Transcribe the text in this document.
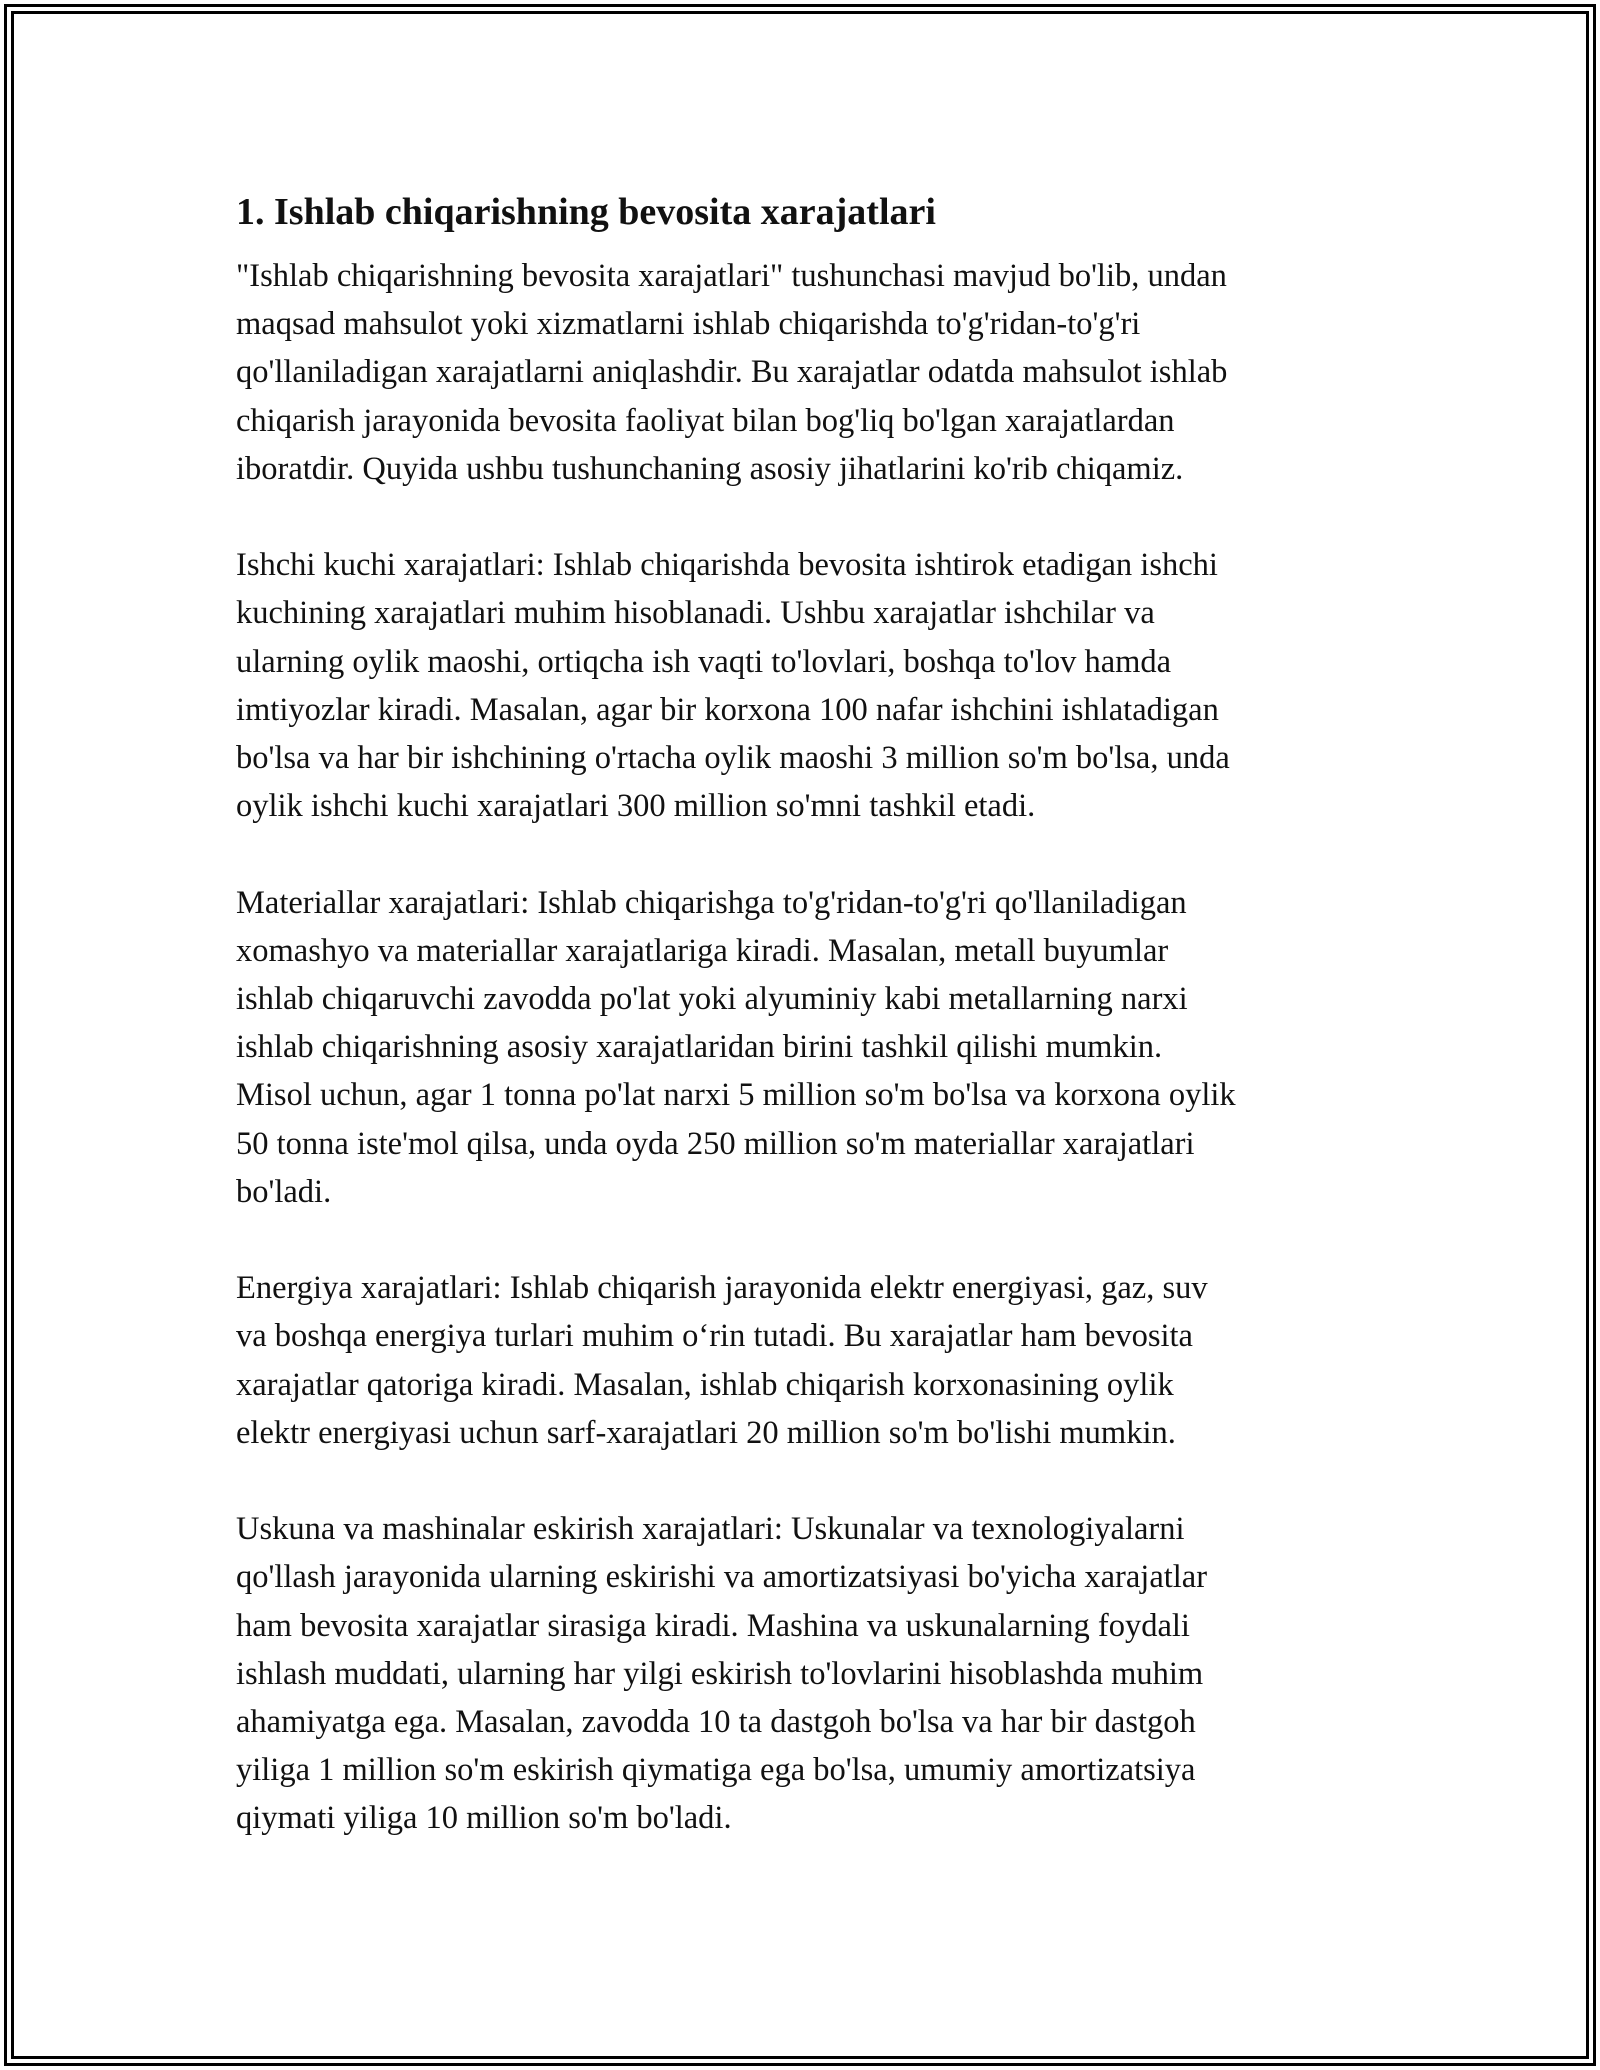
1. Ishlab chiqarishning bevosita xarajatlari

"Ishlab chiqarishning bevosita xarajatlari" tushunchasi mavjud bo'lib, undan
maqsad mahsulot yoki xizmatlarni ishlab chiqarishda to'g'ridan-to'g'ri
qo'llaniladigan xarajatlarni aniqlashdir. Bu xarajatlar odatda mahsulot ishlab
chiqarish jarayonida bevosita faoliyat bilan bog'liq bo'lgan xarajatlardan
iboratdir. Quyida ushbu tushunchaning asosiy jihatlarini ko'rib chiqamiz.

Ishchi kuchi xarajatlari: Ishlab chiqarishda bevosita ishtirok etadigan ishchi
kuchining xarajatlari muhim hisoblanadi. Ushbu xarajatlar ishchilar va
ularning oylik maoshi, ortiqcha ish vaqti to'lovlari, boshqa to'lov hamda
imtiyozlar kiradi. Masalan, agar bir korxona 100 nafar ishchini ishlatadigan
bo'lsa va har bir ishchining o'rtacha oylik maoshi 3 million so'm bo'lsa, unda
oylik ishchi kuchi xarajatlari 300 million so'mni tashkil etadi.

Materiallar xarajatlari: Ishlab chiqarishga to'g'ridan-to'g'ri qo'llaniladigan
xomashyo va materiallar xarajatlariga kiradi. Masalan, metall buyumlar
ishlab chiqaruvchi zavodda po'lat yoki alyuminiy kabi metallarning narxi
ishlab chiqarishning asosiy xarajatlaridan birini tashkil qilishi mumkin.
Misol uchun, agar 1 tonna po'lat narxi 5 million so'm bo'lsa va korxona oylik
50 tonna iste'mol qilsa, unda oyda 250 million so'm materiallar xarajatlari
bo'ladi.

Energiya xarajatlari: Ishlab chiqarish jarayonida elektr energiyasi, gaz, suv
va boshqa energiya turlari muhim o‘rin tutadi. Bu xarajatlar ham bevosita
xarajatlar qatoriga kiradi. Masalan, ishlab chiqarish korxonasining oylik
elektr energiyasi uchun sarf-xarajatlari 20 million so'm bo'lishi mumkin.

Uskuna va mashinalar eskirish xarajatlari: Uskunalar va texnologiyalarni
qo'llash jarayonida ularning eskirishi va amortizatsiyasi bo'yicha xarajatlar
ham bevosita xarajatlar sirasiga kiradi. Mashina va uskunalarning foydali
ishlash muddati, ularning har yilgi eskirish to'lovlarini hisoblashda muhim
ahamiyatga ega. Masalan, zavodda 10 ta dastgoh bo'lsa va har bir dastgoh
yiliga 1 million so'm eskirish qiymatiga ega bo'lsa, umumiy amortizatsiya
qiymati yiliga 10 million so'm bo'ladi.
